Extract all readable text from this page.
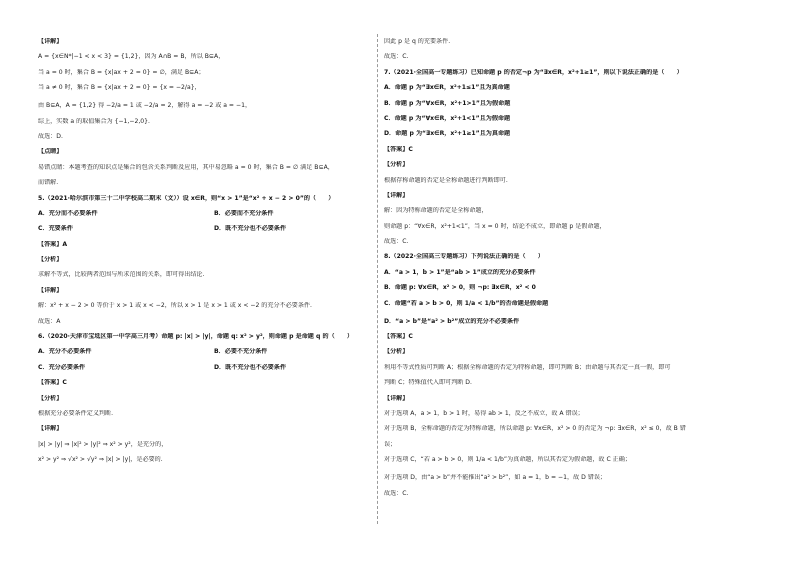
【详解】
A = {x∈N*|−1 < x < 3} = {1,2}，因为 A∩B = B，所以 B⊆A，
当 a = 0 时，集合 B = {x|ax + 2 = 0} = ∅，满足 B⊆A；
当 a ≠ 0 时，集合 B = {x|ax + 2 = 0} = {x = −2/a}，
由 B⊆A，A = {1,2} 得 −2/a = 1 或 −2/a = 2，解得 a = −2 或 a = −1，
综上，实数 a 的取值集合为 {−1,−2,0}.
故选：D.
【点睛】
易错点睛：本题考查的知识点是集合的包含关系判断及应用，其中易忽略 a = 0 时，集合 B = ∅ 满足 B⊆A，
而错解.
5.（2021·哈尔滨市第三十二中学校高二期末（文））设 x∈R，则“x > 1”是“x² + x − 2 > 0”的（　　）
A．充分而不必要条件	B．必要而不充分条件
C．充要条件	D．既不充分也不必要条件
【答案】A
【分析】
求解不等式，比较两者范围与所求范围的关系，即可得出结论.
【详解】
解：x² + x − 2 > 0 等价于 x > 1 或 x < −2，所以 x > 1 是 x > 1 或 x < −2 的充分不必要条件.
故选：A
6.（2020·天津市宝坻区第一中学高三月考）命题 p: |x| > |y|，命题 q: x² > y²，则命题 p 是命题 q 的（　　）
A．充分不必要条件	B．必要不充分条件
C．充分必要条件	D．既不充分也不必要条件
【答案】C
【分析】
根据充分必要条件定义判断.
【详解】
|x| > |y| ⇒ |x|² > |y|² ⇒ x² > y²，是充分的，
x² > y² ⇒ √x² > √y² ⇒ |x| > |y|，是必要的.
因此 p 是 q 的充要条件.
故选：C.
7.（2021·全国高一专题练习）已知命题 p 的否定¬p 为“∃x∈R，x²+1≥1”，则以下说法正确的是（　　）
A．命题 p 为“∃x∈R，x²+1≤1”且为真命题
B．命题 p 为“∀x∈R，x²+1>1”且为假命题
C．命题 p 为“∀x∈R，x²+1<1”且为假命题
D．命题 p 为“∃x∈R，x²+1≥1”且为真命题
【答案】C
【分析】
根据存称命题的否定是全称命题进行判断即可.
【详解】
解：因为特称命题的否定是全称命题，
则命题 p：“∀x∈R，x²+1<1”，当 x = 0 时，结论不成立，即命题 p 是假命题，
故选：C.
8.（2022·全国高三专题练习）下列说法正确的是（　　）
A．“a > 1，b > 1”是“ab > 1”成立的充分必要条件
B．命题 p: ∀x∈R，x² > 0，则 ¬p: ∃x∈R，x² < 0
C．命题“若 a > b > 0，则 1/a < 1/b”的否命题是假命题
D．“a > b”是“a² > b²”成立的充分不必要条件
【答案】C
【分析】
利用不等式性质可判断 A；根据全称命题的否定为特称命题，即可判断 B；由命题与其否定一真一假，即可
判断 C；特殊值代入即可判断 D.
【详解】
对于选项 A，a > 1，b > 1 时，易得 ab > 1，反之不成立，故 A 错误；
对于选项 B，全称命题的否定为特称命题，所以命题 p: ∀x∈R，x² > 0 的否定为 ¬p: ∃x∈R，x² ≤ 0，故 B 错
误；
对于选项 C，“若 a > b > 0，则 1/a < 1/b”为真命题，所以其否定为假命题，故 C 正确；
对于选项 D，由“a > b”并不能推出“a² > b²”，如 a = 1，b = −1，故 D 错误；
故选：C.
